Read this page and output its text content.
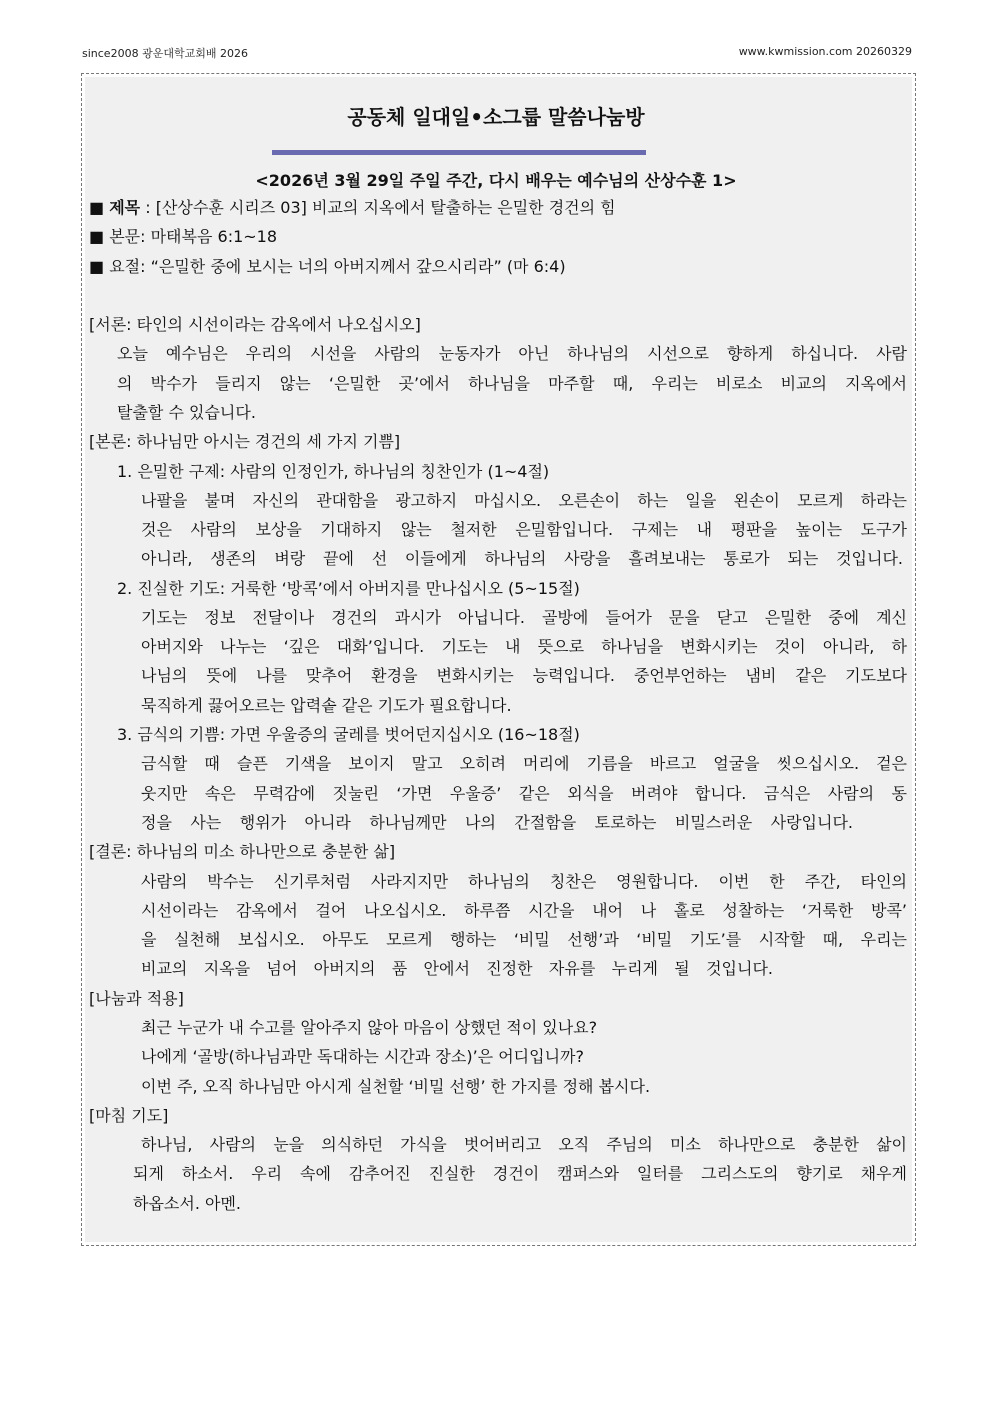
since2008 광운대학교회배 2026	www.kwmission.com 20260329
공동체 일대일•소그룹 말씀나눔방
<2026년 3월 29일 주일 주간, 다시 배우는 예수님의 산상수훈 1>
■ 제목 : [산상수훈 시리즈 03] 비교의 지옥에서 탈출하는 은밀한 경건의 힘
■ 본문: 마태복음 6:1~18
■ 요절: “은밀한 중에 보시는 너의 아버지께서 갚으시리라” (마 6:4)
[서론: 타인의 시선이라는 감옥에서 나오십시오]
오늘 예수님은 우리의 시선을 사람의 눈동자가 아닌 하나님의 시선으로 향하게 하십니다. 사람
의 박수가 들리지 않는 ‘은밀한 곳’에서 하나님을 마주할 때, 우리는 비로소 비교의 지옥에서
탈출할 수 있습니다.
[본론: 하나님만 아시는 경건의 세 가지 기쁨]
1. 은밀한 구제: 사람의 인정인가, 하나님의 칭찬인가 (1~4절)
나팔을 불며 자신의 관대함을 광고하지 마십시오. 오른손이 하는 일을 왼손이 모르게 하라는
것은 사람의 보상을 기대하지 않는 철저한 은밀함입니다. 구제는 내 평판을 높이는 도구가
아니라, 생존의 벼랑 끝에 선 이들에게 하나님의 사랑을 흘려보내는 통로가 되는 것입니다.
2. 진실한 기도: 거룩한 ‘방콕’에서 아버지를 만나십시오 (5~15절)
기도는 정보 전달이나 경건의 과시가 아닙니다. 골방에 들어가 문을 닫고 은밀한 중에 계신
아버지와 나누는 ‘깊은 대화’입니다. 기도는 내 뜻으로 하나님을 변화시키는 것이 아니라, 하
나님의 뜻에 나를 맞추어 환경을 변화시키는 능력입니다. 중언부언하는 냄비 같은 기도보다
묵직하게 끓어오르는 압력솥 같은 기도가 필요합니다.
3. 금식의 기쁨: 가면 우울증의 굴레를 벗어던지십시오 (16~18절)
금식할 때 슬픈 기색을 보이지 말고 오히려 머리에 기름을 바르고 얼굴을 씻으십시오. 겉은
웃지만 속은 무력감에 짓눌린 ‘가면 우울증’ 같은 외식을 버려야 합니다. 금식은 사람의 동
정을 사는 행위가 아니라 하나님께만 나의 간절함을 토로하는 비밀스러운 사랑입니다.
[결론: 하나님의 미소 하나만으로 충분한 삶]
사람의 박수는 신기루처럼 사라지지만 하나님의 칭찬은 영원합니다. 이번 한 주간, 타인의
시선이라는 감옥에서 걸어 나오십시오. 하루쯤 시간을 내어 나 홀로 성찰하는 ‘거룩한 방콕’
을 실천해 보십시오. 아무도 모르게 행하는 ‘비밀 선행’과 ‘비밀 기도’를 시작할 때, 우리는
비교의 지옥을 넘어 아버지의 품 안에서 진정한 자유를 누리게 될 것입니다.
[나눔과 적용]
최근 누군가 내 수고를 알아주지 않아 마음이 상했던 적이 있나요?
나에게 ‘골방(하나님과만 독대하는 시간과 장소)’은 어디입니까?
이번 주, 오직 하나님만 아시게 실천할 ‘비밀 선행’ 한 가지를 정해 봅시다.
[마침 기도]
하나님, 사람의 눈을 의식하던 가식을 벗어버리고 오직 주님의 미소 하나만으로 충분한 삶이
되게 하소서. 우리 속에 감추어진 진실한 경건이 캠퍼스와 일터를 그리스도의 향기로 채우게
하옵소서. 아멘.
